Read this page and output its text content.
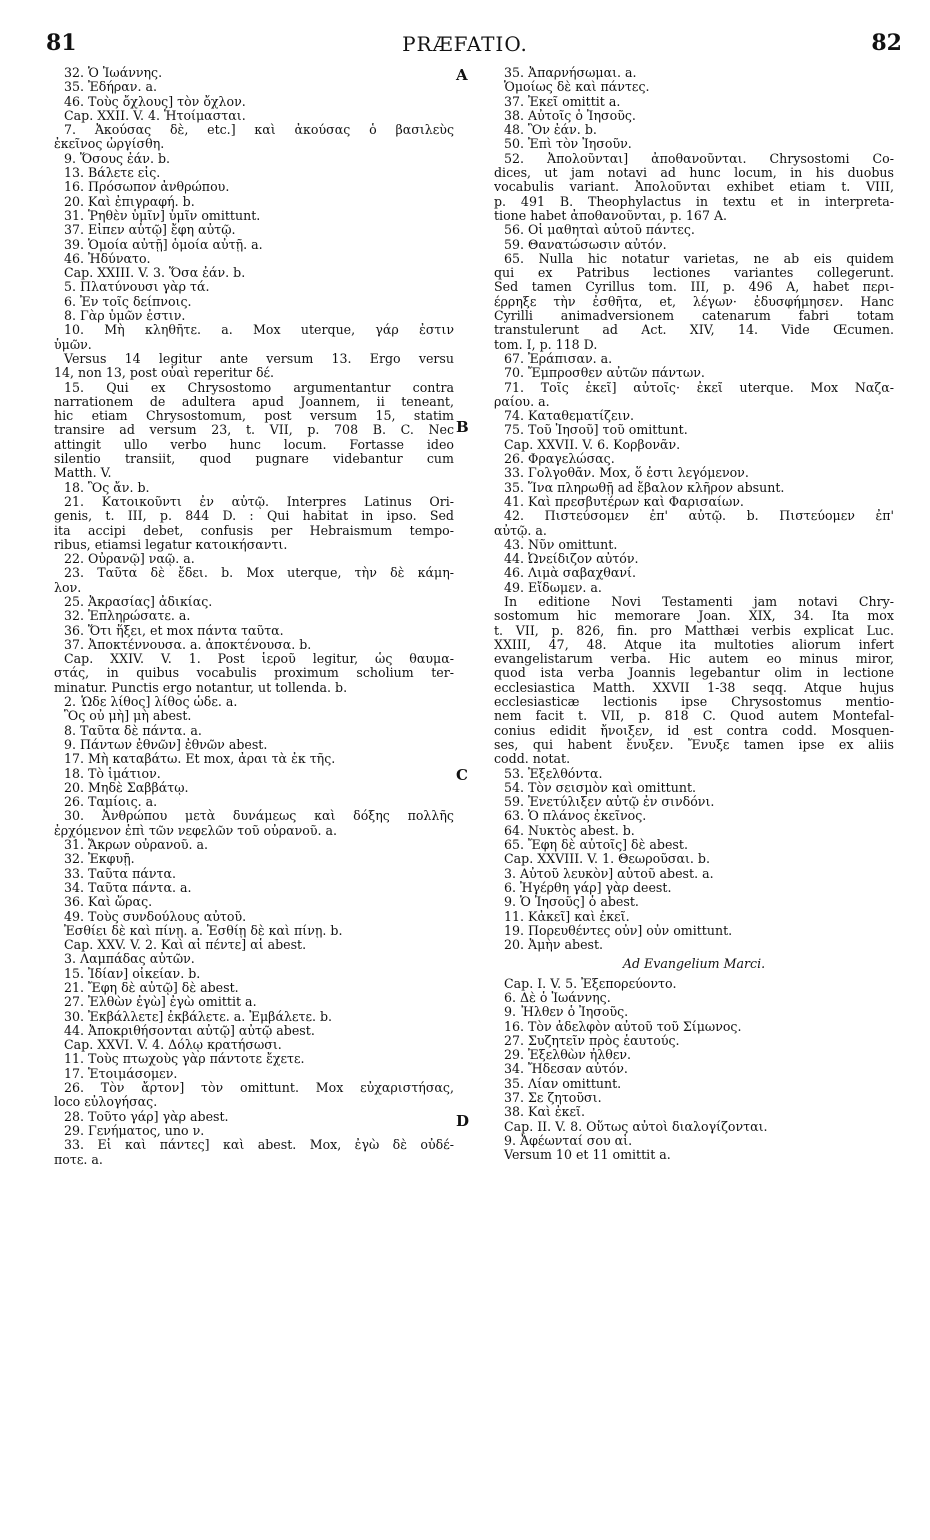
81	PRÆFATIO.	82
32. Ὁ Ἰωάννης.
35. Ἐδήραν. a.
46. Τοὺς ὄχλους] τὸν ὄχλον.
Cap. XXII. V. 4. Ἡτοίμασται.
7. Ἀκούσας δὲ, etc.] καὶ ἀκούσας ὁ βασιλεὺς
ἐκεῖνος ὠργίσθη.
9. Ὅσους ἐάν. b.
13. Βάλετε εἰς.
16. Πρόσωπον ἀνθρώπου.
20. Καὶ ἐπιγραφή. b.
31. Ῥηθὲν ὑμῖν] ὑμῖν omittunt.
37. Εἶπεν αὐτῷ] ἔφη αὐτῷ.
39. Ὁμοία αὐτῇ] ὁμοία αὐτῇ. a.
46. Ἠδύνατο.
Cap. XXIII. V. 3. Ὅσα ἐάν. b.
5. Πλατύνουσι γὰρ τά.
6. Ἐν τοῖς δείπνοις.
8. Γὰρ ὑμῶν ἐστιν.
10. Μὴ κληθῆτε. a. Mox uterque, γάρ ἐστιν
ὑμῶν.
Versus 14 legitur ante versum 13. Ergo versu
14, non 13, post οὐαὶ reperitur δέ.
15. Qui ex Chrysostomo argumentantur contra
narrationem de adultera apud Joannem, ii teneant,
hic etiam Chrysostomum, post versum 15, statim
transire ad versum 23, t. VII, p. 708 B. C. Nec
attingit ullo verbo hunc locum. Fortasse ideo
silentio transiit, quod pugnare videbantur cum
Matth. V.
18. Ὃς ἄν. b.
21. Κατοικοῦντι ἐν αὐτῷ. Interpres Latinus Ori-
genis, t. III, p. 844 D. : Qui habitat in ipso. Sed
ita accipi debet, confusis per Hebraismum tempo-
ribus, etiamsi legatur κατοικήσαντι.
22. Οὐρανῷ] ναῷ. a.
23. Ταῦτα δὲ ἔδει. b. Mox uterque, τὴν δὲ κάμη-
λον.
25. Ἀκρασίας] ἀδικίας.
32. Ἐπληρώσατε. a.
36. Ὅτι ἥξει, et mox πάντα ταῦτα.
37. Ἀποκτέννουσα. a. ἀποκτένουσα. b.
Cap. XXIV. V. 1. Post ἱεροῦ legitur, ὡς θαυμα-
στάς, in quibus vocabulis proximum scholium ter-
minatur. Punctis ergo notantur, ut tollenda. b.
2. Ὧδε λίθος] λίθος ὧδε. a.
Ὃς οὐ μὴ] μὴ abest.
8. Ταῦτα δὲ πάντα. a.
9. Πάντων ἐθνῶν] ἐθνῶν abest.
17. Μὴ καταβάτω. Et mox, ἆραι τὰ ἐκ τῆς.
18. Τὸ ἱμάτιον.
20. Μηδὲ Σαββάτῳ.
26. Ταμίοις. a.
30. Ἀνθρώπου μετὰ δυνάμεως καὶ δόξης πολλῆς
ἐρχόμενον ἐπὶ τῶν νεφελῶν τοῦ οὐρανοῦ. a.
31. Ἄκρων οὐρανοῦ. a.
32. Ἐκφυῇ.
33. Ταῦτα πάντα.
34. Ταῦτα πάντα. a.
36. Καὶ ὥρας.
49. Τοὺς συνδούλους αὐτοῦ.
Ἐσθίει δὲ καὶ πίνῃ. a. Ἐσθίῃ δὲ καὶ πίνῃ. b.
Cap. XXV. V. 2. Καὶ αἱ πέντε] αἱ abest.
3. Λαμπάδας αὐτῶν.
15. Ἰδίαν] οἰκείαν. b.
21. Ἔφη δὲ αὐτῷ] δὲ abest.
27. Ἐλθὼν ἐγὼ] ἐγὼ omittit a.
30. Ἐκβάλλετε] ἐκβάλετε. a. Ἐμβάλετε. b.
44. Ἀποκριθήσονται αὐτῷ] αὐτῷ abest.
Cap. XXVI. V. 4. Δόλῳ κρατήσωσι.
11. Τοὺς πτωχοὺς γὰρ πάντοτε ἔχετε.
17. Ἑτοιμάσομεν.
26. Τὸν ἄρτον] τὸν omittunt. Mox εὐχαριστήσας,
loco εὐλογήσας.
28. Τοῦτο γάρ] γὰρ abest.
29. Γενήματος, uno ν.
33. Εἰ καὶ πάντες] καὶ abest. Mox, ἐγὼ δὲ οὐδέ-
ποτε. a.
35. Ἀπαρνήσωμαι. a.
Ὁμοίως δὲ καὶ πάντες.
37. Ἐκεῖ omittit a.
38. Αὐτοῖς ὁ Ἰησοῦς.
48. Ὃν ἐάν. b.
50. Ἐπὶ τὸν Ἰησοῦν.
52. Ἀπολοῦνται] ἀποθανοῦνται. Chrysostomi Co-
dices, ut jam notavi ad hunc locum, in his duobus
vocabulis variant. Ἀπολοῦνται exhibet etiam t. VIII,
p. 491 B. Theophylactus in textu et in interpreta-
tione habet ἀποθανοῦνται, p. 167 A.
56. Οἱ μαθηταὶ αὐτοῦ πάντες.
59. Θανατώσωσιν αὐτόν.
65. Nulla hic notatur varietas, ne ab eis quidem
qui ex Patribus lectiones variantes collegerunt.
Sed tamen Cyrillus tom. III, p. 496 A, habet περι-
έρρηξε τὴν ἐσθῆτα, et, λέγων· ἐδυσφήμησεν. Hanc
Cyrilli animadversionem catenarum fabri totam
transtulerunt ad Act. XIV, 14. Vide Œcumen.
tom. I, p. 118 D.
67. Ἐράπισαν. a.
70. Ἔμπροσθεν αὐτῶν πάντων.
71. Τοῖς ἐκεῖ] αὐτοῖς· ἐκεῖ uterque. Mox Ναζα-
ραίου. a.
74. Καταθεματίζειν.
75. Τοῦ Ἰησοῦ] τοῦ omittunt.
Cap. XXVII. V. 6. Κορβονᾶν.
26. Φραγελώσας.
33. Γολγοθᾶν. Mox, ὅ ἐστι λεγόμενον.
35. Ἵνα πληρωθῇ ad ἔβαλον κλῆρον absunt.
41. Καὶ πρεσβυτέρων καὶ Φαρισαίων.
42. Πιστεύσομεν ἐπ' αὐτῷ. b. Πιστεύομεν ἐπ'
αὐτῷ. a.
43. Νῦν omittunt.
44. Ὠνείδιζον αὐτόν.
46. Λιμὰ σαβαχθανί.
49. Εἴδωμεν. a.
In editione Novi Testamenti jam notavi Chry-
sostomum hic memorare Joan. XIX, 34. Ita mox
t. VII, p. 826, fin. pro Matthæi verbis explicat Luc.
XXIII, 47, 48. Atque ita multoties aliorum infert
evangelistarum verba. Hic autem eo minus miror,
quod ista verba Joannis legebantur olim in lectione
ecclesiastica Matth. XXVII 1-38 seqq. Atque hujus
ecclesiasticæ lectionis ipse Chrysostomus mentio-
nem facit t. VII, p. 818 C. Quod autem Montefal-
conius edidit ἤνοιξεν, id est contra codd. Mosquen-
ses, qui habent ἔνυξεν. Ἔνυξε tamen ipse ex aliis
codd. notat.
53. Ἐξελθόντα.
54. Τὸν σεισμὸν καὶ omittunt.
59. Ἐνετύλιξεν αὐτῷ ἐν σινδόνι.
63. Ὁ πλάνος ἐκεῖνος.
64. Νυκτὸς abest. b.
65. Ἔφη δὲ αὐτοῖς] δὲ abest.
Cap. XXVIII. V. 1. Θεωροῦσαι. b.
3. Αὐτοῦ λευκὸν] αὐτοῦ abest. a.
6. Ἠγέρθη γάρ] γὰρ deest.
9. Ὁ Ἰησοῦς] ὁ abest.
11. Κἀκεῖ] καὶ ἐκεῖ.
19. Πορευθέντες οὖν] οὖν omittunt.
20. Ἀμὴν abest.
Ad Evangelium Marci.
Cap. I. V. 5. Ἐξεπορεύοντο.
6. Δὲ ὁ Ἰωάννης.
9. Ἦλθεν ὁ Ἰησοῦς.
16. Τὸν ἀδελφὸν αὐτοῦ τοῦ Σίμωνος.
27. Συζητεῖν πρὸς ἑαυτούς.
29. Ἐξελθὼν ἦλθεν.
34. Ἤδεσαν αὐτόν.
35. Λίαν omittunt.
37. Σε ζητοῦσι.
38. Καὶ ἐκεῖ.
Cap. II. V. 8. Οὕτως αὐτοὶ διαλογίζονται.
9. Ἀφέωνταί σου αἱ.
Versum 10 et 11 omittit a.
A
B
C
D
